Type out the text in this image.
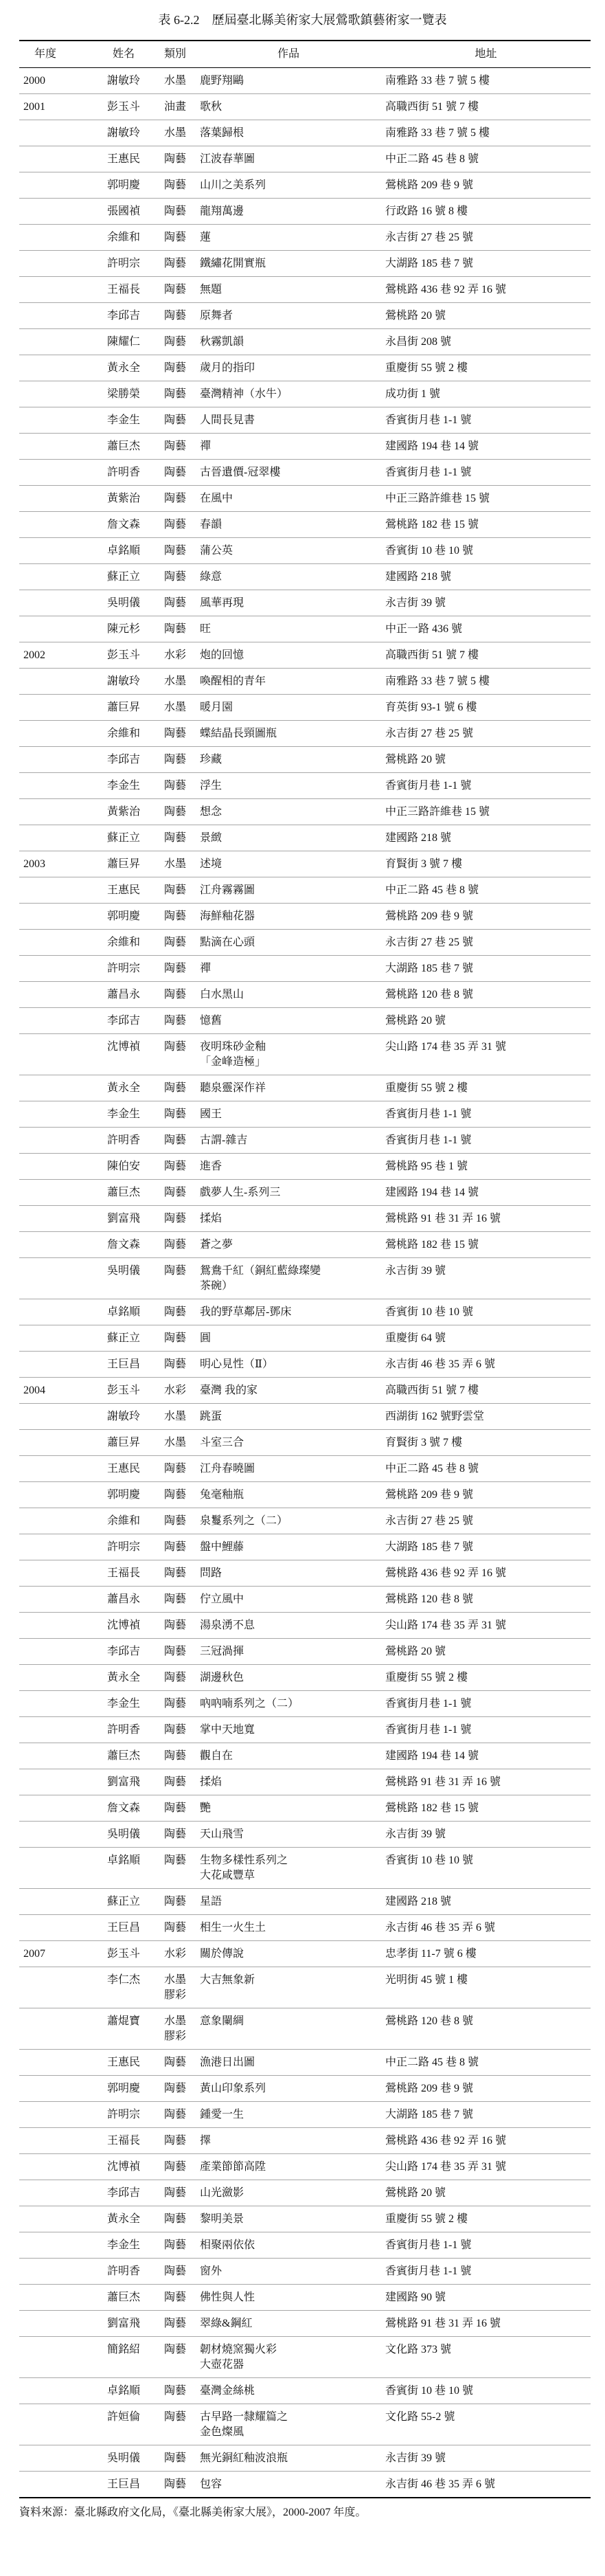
表 6-2.2　歷屆臺北縣美術家大展鶯歌鎮藝術家一覽表
年度	姓名	類別	作品	地址
2000	謝敏玲	水墨	鹿野翔鷗	南雅路 33 巷 7 號 5 樓
2001	彭玉斗	油畫	歌秋	高職西街 51 號 7 樓
	謝敏玲	水墨	落葉歸根	南雅路 33 巷 7 號 5 樓
	王惠民	陶藝	江波春華圖	中正二路 45 巷 8 號
	郭明慶	陶藝	山川之美系列	鶯桃路 209 巷 9 號
	張國禎	陶藝	龍翔萬邊	行政路 16 號 8 樓
	余維和	陶藝	蓮	永吉街 27 巷 25 號
	許明宗	陶藝	鐵繡花開實瓶	大湖路 185 巷 7 號
	王福長	陶藝	無題	鶯桃路 436 巷 92 弄 16 號
	李邱吉	陶藝	原舞者	鶯桃路 20 號
	陳耀仁	陶藝	秋霧凱韻	永昌街 208 號
	黃永全	陶藝	歲月的指印	重慶街 55 號 2 樓
	梁勝榮	陶藝	臺灣精神（水牛）	成功街 1 號
	李金生	陶藝	人間長見書	香賓街月巷 1-1 號
	蕭巨杰	陶藝	禪	建國路 194 巷 14 號
	許明香	陶藝	古晉遺價-冠翠樓	香賓街月巷 1-1 號
	黃紫治	陶藝	在風中	中正三路許維巷 15 號
	詹文森	陶藝	春韻	鶯桃路 182 巷 15 號
	卓銘順	陶藝	蒲公英	香賓街 10 巷 10 號
	蘇正立	陶藝	綠意	建國路 218 號
	吳明儀	陶藝	風華再現	永吉街 39 號
	陳元杉	陶藝	旺	中正一路 436 號
2002	彭玉斗	水彩	炮的回憶	高職西街 51 號 7 樓
	謝敏玲	水墨	喚醒相的青年	南雅路 33 巷 7 號 5 樓
	蕭巨昇	水墨	暖月園	育英街 93-1 號 6 樓
	余維和	陶藝	蝶結晶長頸圖瓶	永吉街 27 巷 25 號
	李邱吉	陶藝	珍藏	鶯桃路 20 號
	李金生	陶藝	浮生	香賓街月巷 1-1 號
	黃紫治	陶藝	想念	中正三路許維巷 15 號
	蘇正立	陶藝	景緻	建國路 218 號
2003	蕭巨昇	水墨	述境	育賢街 3 號 7 樓
	王惠民	陶藝	江舟霧霧圖	中正二路 45 巷 8 號
	郭明慶	陶藝	海鮮釉花器	鶯桃路 209 巷 9 號
	余維和	陶藝	點滴在心頭	永吉街 27 巷 25 號
	許明宗	陶藝	禪	大湖路 185 巷 7 號
	蕭昌永	陶藝	白水黑山	鶯桃路 120 巷 8 號
	李邱吉	陶藝	憶舊	鶯桃路 20 號
	沈博禎	陶藝	夜明珠砂金釉
「金峰造極」	尖山路 174 巷 35 弄 31 號
	黃永全	陶藝	聽泉靈深作祥	重慶街 55 號 2 樓
	李金生	陶藝	國王	香賓街月巷 1-1 號
	許明香	陶藝	古謂-雜吉	香賓街月巷 1-1 號
	陳伯安	陶藝	進香	鶯桃路 95 巷 1 號
	蕭巨杰	陶藝	戲夢人生-系列三	建國路 194 巷 14 號
	劉富飛	陶藝	揉焰	鶯桃路 91 巷 31 弄 16 號
	詹文森	陶藝	蒼之夢	鶯桃路 182 巷 15 號
	吳明儀	陶藝	鴛鴦千紅（銅紅藍綠璨變
茶碗）	永吉街 39 號
	卓銘順	陶藝	我的野草鄰居-鄧床	香賓街 10 巷 10 號
	蘇正立	陶藝	圓	重慶街 64 號
	王巨昌	陶藝	明心見性（Ⅱ）	永吉街 46 巷 35 弄 6 號
2004	彭玉斗	水彩	臺灣 我的家	高職西街 51 號 7 樓
	謝敏玲	水墨	跳蛋	西湖街 162 號野雲堂
	蕭巨昇	水墨	斗室三合	育賢街 3 號 7 樓
	王惠民	陶藝	江舟春曉圖	中正二路 45 巷 8 號
	郭明慶	陶藝	兔毫釉瓶	鶯桃路 209 巷 9 號
	余維和	陶藝	泉鬘系列之（二）	永吉街 27 巷 25 號
	許明宗	陶藝	盤中鯉藤	大湖路 185 巷 7 號
	王福長	陶藝	問路	鶯桃路 436 巷 92 弄 16 號
	蕭昌永	陶藝	佇立風中	鶯桃路 120 巷 8 號
	沈博禎	陶藝	湯泉湧不息	尖山路 174 巷 35 弄 31 號
	李邱吉	陶藝	三冠渦揮	鶯桃路 20 號
	黃永全	陶藝	湖邊秋色	重慶街 55 號 2 樓
	李金生	陶藝	吶吶喃系列之（二）	香賓街月巷 1-1 號
	許明香	陶藝	掌中天地寬	香賓街月巷 1-1 號
	蕭巨杰	陶藝	觀自在	建國路 194 巷 14 號
	劉富飛	陶藝	揉焰	鶯桃路 91 巷 31 弄 16 號
	詹文森	陶藝	艷	鶯桃路 182 巷 15 號
	吳明儀	陶藝	天山飛雪	永吉街 39 號
	卓銘順	陶藝	生物多樣性系列之
大花咸豐草	香賓街 10 巷 10 號
	蘇正立	陶藝	星語	建國路 218 號
	王巨昌	陶藝	相生一火生土	永吉街 46 巷 35 弄 6 號
2007	彭玉斗	水彩	關於傳說	忠孝街 11-7 號 6 樓
	李仁杰	水墨
膠彩	大吉無象新	光明街 45 號 1 樓
	蕭焜寶	水墨
膠彩	意象闌綢	鶯桃路 120 巷 8 號
	王惠民	陶藝	漁港日出圖	中正二路 45 巷 8 號
	郭明慶	陶藝	黃山印象系列	鶯桃路 209 巷 9 號
	許明宗	陶藝	鍾愛一生	大湖路 185 巷 7 號
	王福長	陶藝	擇	鶯桃路 436 巷 92 弄 16 號
	沈博禎	陶藝	產業節節高陞	尖山路 174 巷 35 弄 31 號
	李邱吉	陶藝	山光瀲影	鶯桃路 20 號
	黃永全	陶藝	黎明美景	重慶街 55 號 2 樓
	李金生	陶藝	相聚兩依依	香賓街月巷 1-1 號
	許明香	陶藝	窗外	香賓街月巷 1-1 號
	蕭巨杰	陶藝	佛性與人性	建國路 90 號
	劉富飛	陶藝	翠綠&鋼紅	鶯桃路 91 巷 31 弄 16 號
	簡銘紹	陶藝	韌材燒窯獨火彩
大壺花器	文化路 373 號
	卓銘順	陶藝	臺灣金絲桃	香賓街 10 巷 10 號
	許姮倫	陶藝	古早路一隸耀篇之
金色燦風	文化路 55-2 號
	吳明儀	陶藝	無光銅紅釉波浪瓶	永吉街 39 號
	王巨昌	陶藝	包容	永吉街 46 巷 35 弄 6 號
資料來源：臺北縣政府文化局，《臺北縣美術家大展》，2000-2007 年度。
